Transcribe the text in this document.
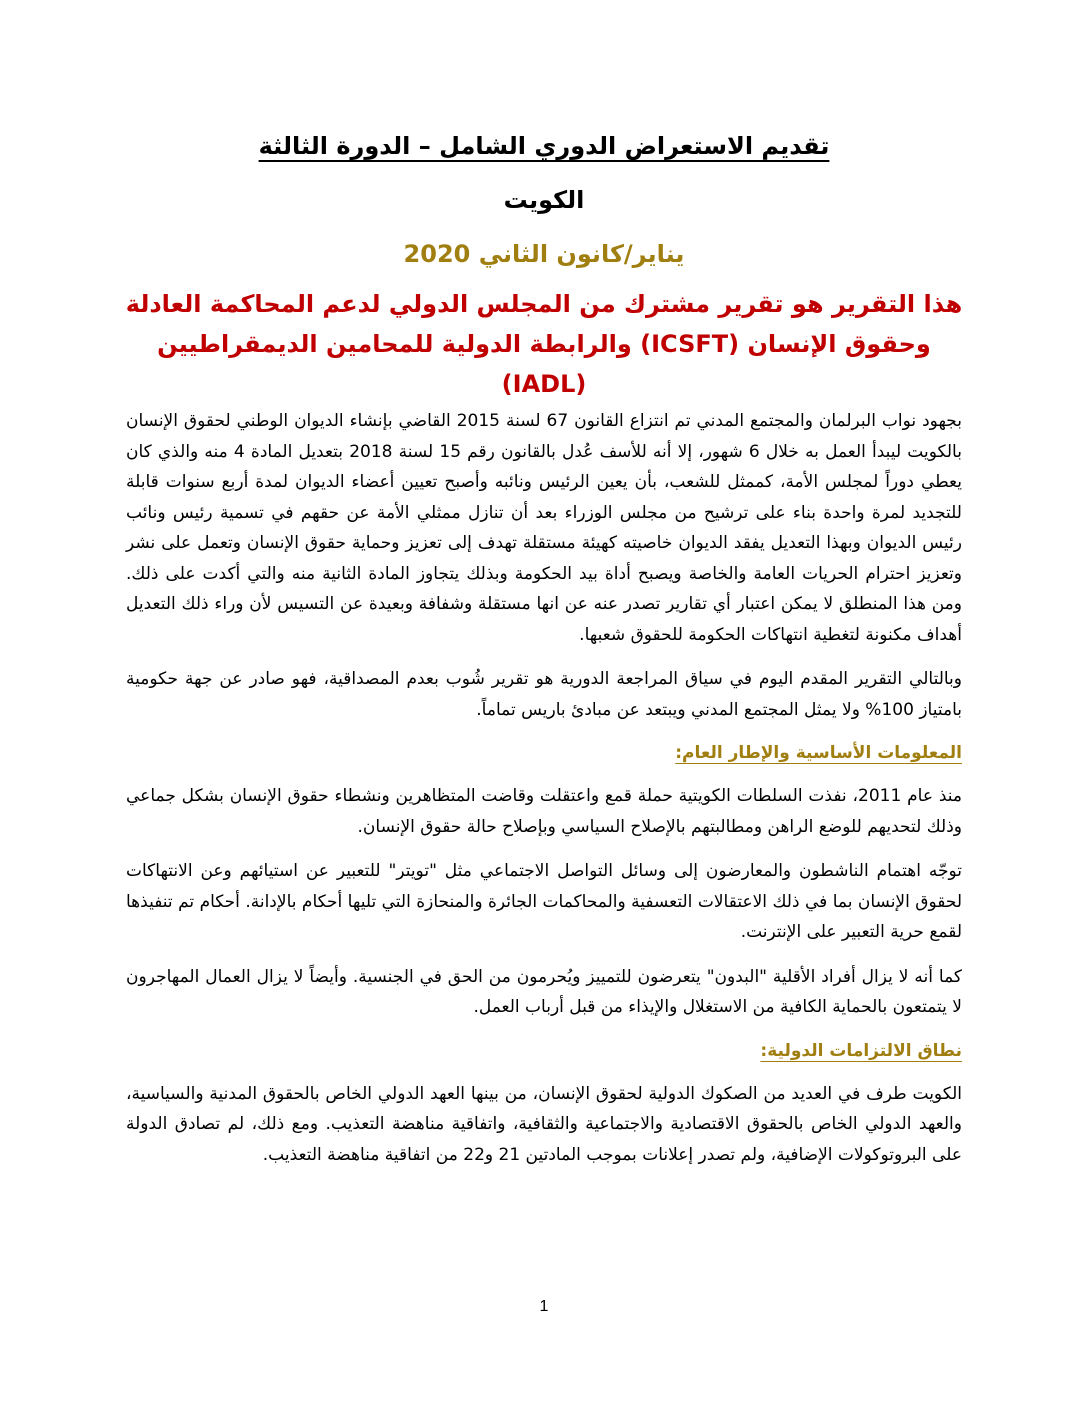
تقديم الاستعراض الدوري الشامل – الدورة الثالثة
الكويت
يناير/كانون الثاني 2020
هذا التقرير هو تقرير مشترك من المجلس الدولي لدعم المحاكمة العادلة وحقوق الإنسان (ICSFT) والرابطة الدولية للمحامين الديمقراطيين (IADL)

بجهود نواب البرلمان والمجتمع المدني تم انتزاع القانون 67 لسنة 2015 القاضي بإنشاء الديوان الوطني لحقوق الإنسان بالكويت ليبدأ العمل به خلال 6 شهور، إلا أنه للأسف عُدل بالقانون رقم 15 لسنة 2018 بتعديل المادة 4 منه والذي كان يعطي دوراً لمجلس الأمة، كممثل للشعب، بأن يعين الرئيس ونائبه وأصبح تعيين أعضاء الديوان لمدة أربع سنوات قابلة للتجديد لمرة واحدة بناء على ترشيح من مجلس الوزراء بعد أن تنازل ممثلي الأمة عن حقهم في تسمية رئيس ونائب رئيس الديوان وبهذا التعديل يفقد الديوان خاصيته كهيئة مستقلة تهدف إلى تعزيز وحماية حقوق الإنسان وتعمل على نشر وتعزيز احترام الحريات العامة والخاصة ويصبح أداة بيد الحكومة وبذلك يتجاوز المادة الثانية منه والتي أكدت على ذلك. ومن هذا المنطلق لا يمكن اعتبار أي تقارير تصدر عنه عن انها مستقلة وشفافة وبعيدة عن التسيس لأن وراء ذلك التعديل أهداف مكنونة لتغطية انتهاكات الحكومة للحقوق شعبها.

وبالتالي التقرير المقدم اليوم في سياق المراجعة الدورية هو تقرير شُوب بعدم المصداقية، فهو صادر عن جهة حكومية بامتياز 100% ولا يمثل المجتمع المدني ويبتعد عن مبادئ باريس تماماً.

المعلومات الأساسية والإطار العام:

منذ عام 2011، نفذت السلطات الكويتية حملة قمع واعتقلت وقاضت المتظاهرين ونشطاء حقوق الإنسان بشكل جماعي وذلك لتحديهم للوضع الراهن ومطالبتهم بالإصلاح السياسي وبإصلاح حالة حقوق الإنسان.

توجّه اهتمام الناشطون والمعارضون إلى وسائل التواصل الاجتماعي مثل "تويتر" للتعبير عن استيائهم وعن الانتهاكات لحقوق الإنسان بما في ذلك الاعتقالات التعسفية والمحاكمات الجائرة والمنحازة التي تليها أحكام بالإدانة. أحكام تم تنفيذها لقمع حرية التعبير على الإنترنت.

كما أنه لا يزال أفراد الأقلية "البدون" يتعرضون للتمييز ويُحرمون من الحق في الجنسية. وأيضاً لا يزال العمال المهاجرون لا يتمتعون بالحماية الكافية من الاستغلال والإيذاء من قبل أرباب العمل.

نطاق الالتزامات الدولية:

الكويت طرف في العديد من الصكوك الدولية لحقوق الإنسان، من بينها العهد الدولي الخاص بالحقوق المدنية والسياسية، والعهد الدولي الخاص بالحقوق الاقتصادية والاجتماعية والثقافية، واتفاقية مناهضة التعذيب. ومع ذلك، لم تصادق الدولة على البروتوكولات الإضافية، ولم تصدر إعلانات بموجب المادتين 21 و22 من اتفاقية مناهضة التعذيب.

1
